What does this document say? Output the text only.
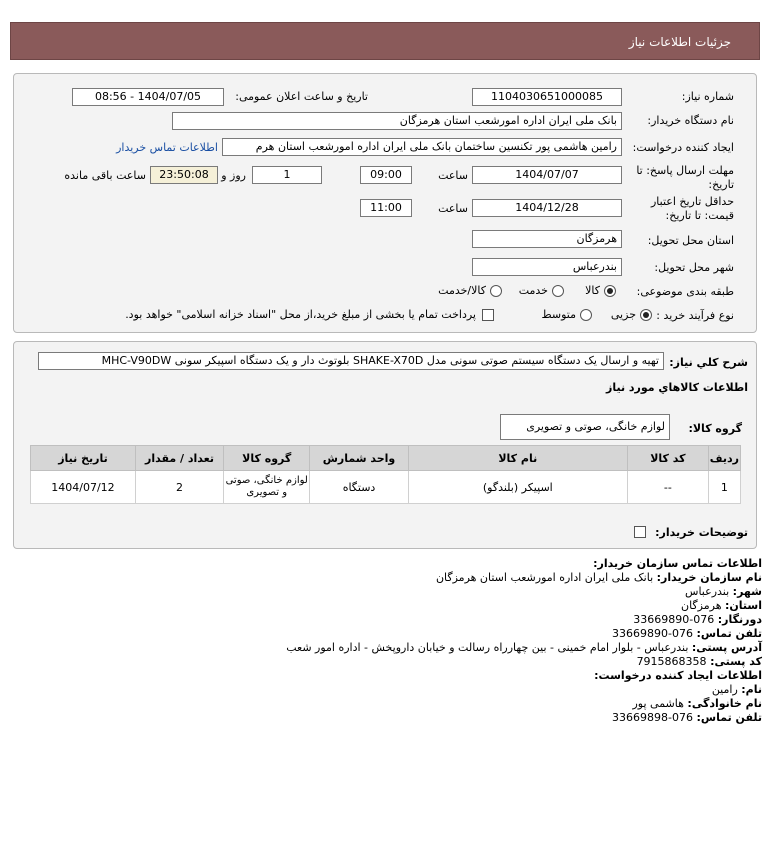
جزئیات اطلاعات نیاز
شماره نیاز:
1104030651000085
تاریخ و ساعت اعلان عمومی:
1404/07/05 - 08:56
نام دستگاه خریدار:
بانک ملی ایران اداره امورشعب استان هرمزگان
ایجاد کننده درخواست:
رامین هاشمی پور تکنسین ساختمان بانک ملی ایران اداره امورشعب استان هرم
اطلاعات تماس خریدار
مهلت ارسال پاسخ: تا
تاریخ:
1404/07/07
ساعت
09:00
1
روز و
23:50:08
ساعت باقی مانده
حداقل تاریخ اعتبار
قیمت: تا تاریخ:
1404/12/28
ساعت
11:00
استان محل تحویل:
هرمزگان
شهر محل تحویل:
بندرعباس
طبقه بندی موضوعی:
کالا
خدمت
کالا/خدمت
نوع فرآیند خرید :
جزیی
متوسط
پرداخت تمام یا بخشی از مبلغ خرید،از محل "اسناد خزانه اسلامی" خواهد بود.
شرح کلي نياز:
تهیه و ارسال یک دستگاه سیستم صوتی سونی مدل SHAKE-X70D بلوتوث دار و یک دستگاه اسپیکر سونی MHC-V90DW
اطلاعات کالاهاي مورد نياز
گروه کالا:
لوازم خانگی، صوتی و تصویری
ردیف	کد کالا	نام کالا	واحد شمارش	گروه کالا	تعداد / مقدار	تاریخ نیاز
1	--	اسپیکر (بلندگو)	دستگاه	لوازم خانگی، صوتی و تصویری	2	1404/07/12
توضیحات خریدار:
اطلاعات تماس سازمان خریدار:
نام سازمان خریدار: بانک ملی ایران اداره امورشعب استان هرمزگان
شهر: بندرعباس
استان: هرمزگان
دورنگار: 076-33669890
تلفن تماس: 076-33669890
آدرس پستی: بندرعباس - بلوار امام خمینی - بین چهارراه رسالت و خیابان داروپخش - اداره امور شعب
کد پستی: 7915868358
اطلاعات ایجاد کننده درخواست:
نام: رامین
نام خانوادگی: هاشمی پور
تلفن تماس: 076-33669898
